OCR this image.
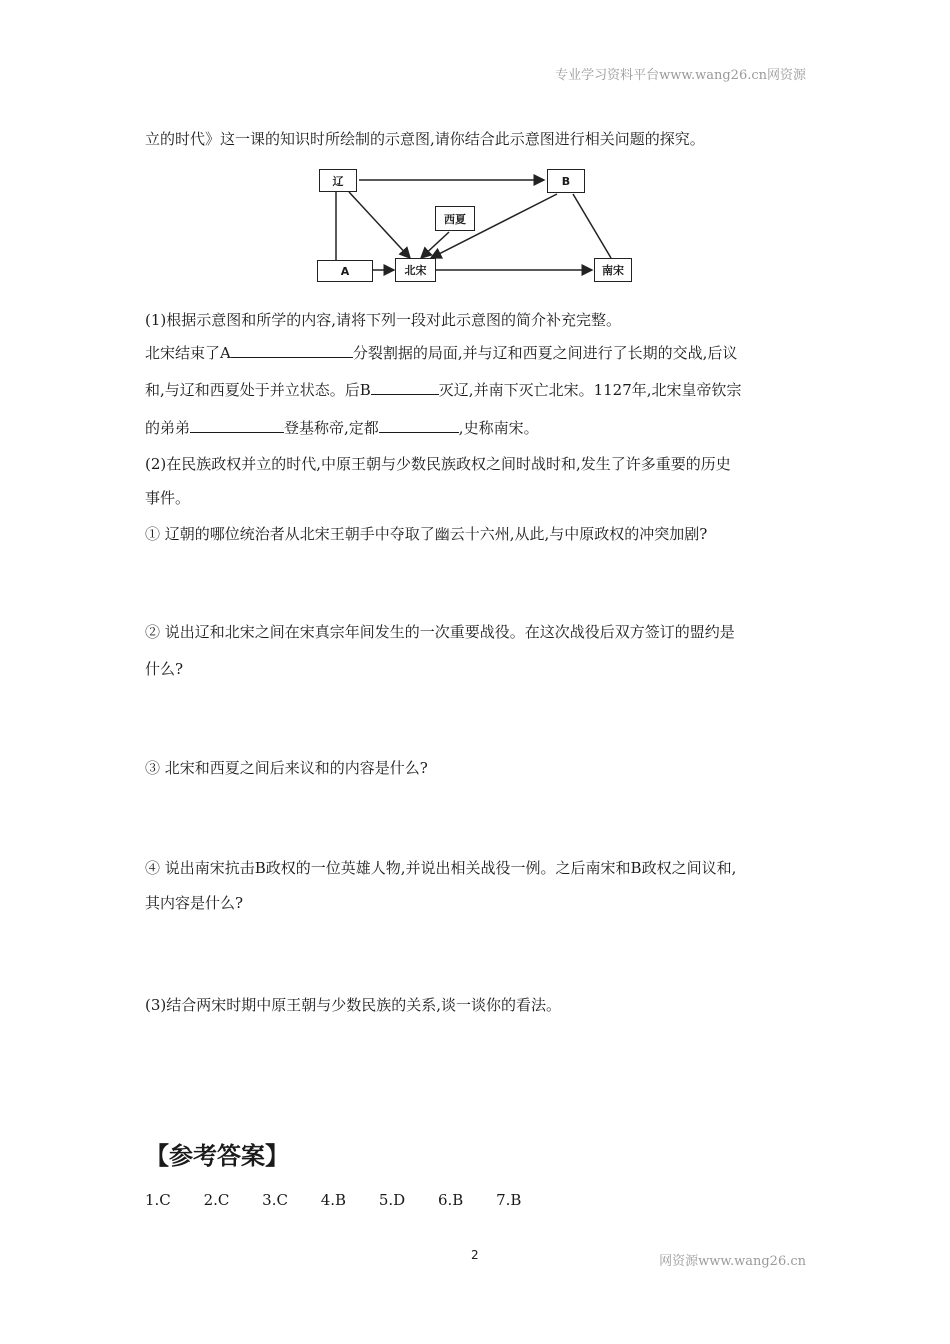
专业学习资料平台www.wang26.cn网资源
立的时代》这一课的知识时所绘制的示意图,请你结合此示意图进行相关问题的探究。
辽	B
西夏
A	北宋	南宋
(1)根据示意图和所学的内容,请将下列一段对此示意图的简介补充完整。
北宋结束了A	分裂割据的局面,并与辽和西夏之间进行了长期的交战,后议
和,与辽和西夏处于并立状态。后B	灭辽,并南下灭亡北宋。1127年,北宋皇帝钦宗
的弟弟	登基称帝,定都	,史称南宋。
(2)在民族政权并立的时代,中原王朝与少数民族政权之间时战时和,发生了许多重要的历史
事件。
① 辽朝的哪位统治者从北宋王朝手中夺取了幽云十六州,从此,与中原政权的冲突加剧?
② 说出辽和北宋之间在宋真宗年间发生的一次重要战役。在这次战役后双方签订的盟约是
什么?
③ 北宋和西夏之间后来议和的内容是什么?
④ 说出南宋抗击B政权的一位英雄人物,并说出相关战役一例。之后南宋和B政权之间议和,
其内容是什么?
(3)结合两宋时期中原王朝与少数民族的关系,谈一谈你的看法。
【参考答案】
1.C 2.C 3.C 4.B 5.D 6.B 7.B
2	网资源www.wang26.cn
